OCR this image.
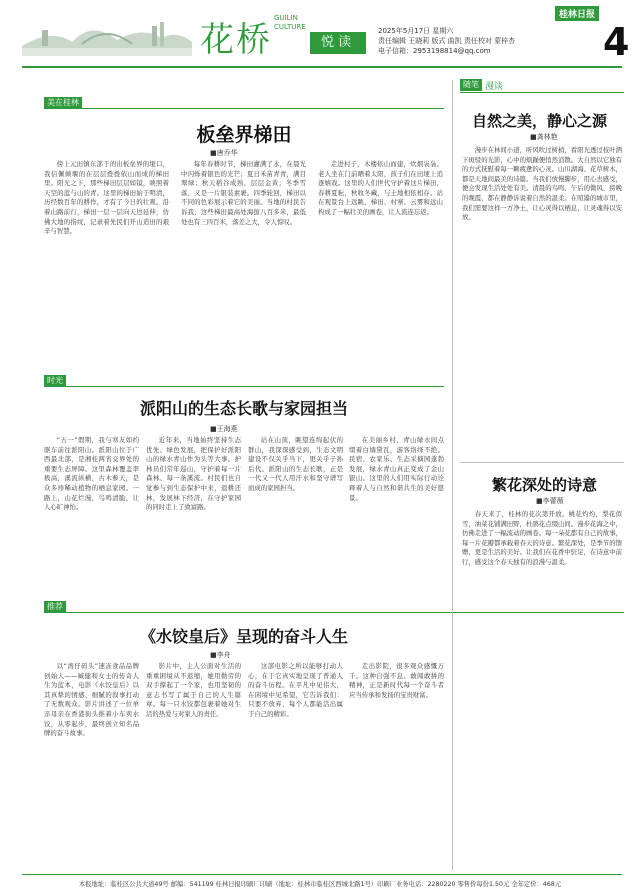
花桥
GUILIN CULTURE
悦读
2025年5月17日 星期六
责任编辑 王晓莉 版式 曲凯 责任校对 蒙梓杏
电子信箱：2953198814@qq.com
桂林日报
4
美在桂林
板垒界梯田
■唐乔华

傍上元田镇东部于的出板垒界的垭口，我信佩倾堰的在层层叠叠依山而成的梯田里。阳光之下，那些梯田层层如镜，映照着天空的蓝与山的青。这里的梯田始于明清，历经数百年的耕作，才有了今日的壮观。沿着山路前行，梯田一层一层向天边延伸，仿佛大地的指纹，记录着先民们开山造田的艰辛与智慧。

每年春耕时节，梯田灌满了水，在晨光中闪烁着银色的光芒；夏日禾苗青青，满目翠绿；秋天稻谷成熟，层层金黄；冬季雪落，又是一片银装素裹。四季轮回，梯田以不同的色彩展示着它的美丽。当地的村民告诉我，这些梯田最高处海拔八百多米，最低处也有三四百米，落差之大，令人惊叹。

走进村子，木楼依山而建，炊烟袅袅。老人坐在门前晒着太阳，孩子们在田埂上追逐嬉戏。这里的人们世代守护着这片梯田，春耕夏耘，秋收冬藏，与土地相依相存。站在观景台上远眺，梯田、村寨、云雾和远山构成了一幅壮美的画卷，让人流连忘返。

时光
派阳山的生态长歌与家园担当
■王海燕

“五一”假期，我与寒友如约驱车前往派阳山。派阳山位于广西最北部，是湘桂两省交界处的重要生态屏障。这里森林覆盖率极高，溪流纵横，古木参天，是众多珍稀动植物的栖息家园。一路上，山花烂漫，鸟鸣清脆，让人心旷神怡。

近年来，当地始终坚持生态优先、绿色发展，把保护好派阳山的绿水青山作为头等大事。护林员们常年巡山，守护着每一片森林、每一条溪流。村民们也自觉参与到生态保护中来，退耕还林，发展林下经济，在守护家园的同时走上了致富路。

站在山顶，眺望连绵起伏的群山，我深深感受到，生态文明建设不仅关乎当下，更关乎子孙后代。派阳山的生态长歌，正是一代又一代人用汗水和坚守谱写而成的家园担当。

在美丽乡村，青山绿水间点缀着白墙黛瓦，游客络绎不绝。民宿、农家乐、生态采摘园蓬勃发展，绿水青山真正变成了金山银山。这里的人们用实际行动诠释着人与自然和谐共生的美好愿景。

推荐
《水饺皇后》呈现的奋斗人生
■李舟

以“湾仔码头”速冻食品品牌创始人——臧健和女士的传奇人生为蓝本，电影《水饺皇后》以其真挚的情感、细腻的叙事打动了无数观众。影片讲述了一位单亲母亲在香港街头推着小车卖水饺，从零起步，最终创立知名品牌的奋斗故事。

影片中，主人公面对生活的重重困境从不退缩，她用勤劳的双手撑起了一个家，也用坚韧的意志书写了属于自己的人生篇章。每一只水饺都包裹着她对生活的热爱与对家人的责任。

这部电影之所以能够打动人心，在于它真实地呈现了普通人的奋斗历程。在平凡中见伟大，在困境中见希望，它告诉我们：只要不放弃，每个人都能活出属于自己的精彩。

走出影院，很多观众感慨万千。这种自强不息、敢闯敢拼的精神，正是新时代每一个奋斗者应当传承和发扬的宝贵财富。

随笔 漫谈
自然之美，静心之源
■龚林艳

漫步在林间小道，听风吹过树梢，看阳光透过枝叶洒下斑驳的光影，心中的烦躁便悄然消散。大自然以它独有的方式抚慰着每一颗疲惫的心灵。山川湖海、花草树木，都是天地间最美的诗篇。当我们放慢脚步，用心去感受，便会发现生活处处有美。清晨的鸟鸣、午后的微风、傍晚的晚霞，都在静静诉说着自然的温柔。在喧嚣的城市里，我们需要这样一方净土，让心灵得以栖息，让灵魂得以安放。

繁花深处的诗意
■李蕾薇

春天来了，桂林的花次第开放。桃花灼灼，梨花似雪，油菜花铺满田野，杜鹃花点缀山间。漫步花海之中，仿佛走进了一幅流动的画卷。每一朵花都有自己的故事，每一片花瓣都承载着春天的诗意。繁花深处，是季节的馈赠，更是生活的美好。让我们在花香中驻足，在诗意中前行，感受这个春天独有的浪漫与温柔。

本报地址：临桂区公共大道49号 邮编：541199 桂林日报印刷厂印刷（地址：桂林市临桂区西城北路1号）印刷厂业务电话：2280220 零售价每份1.50元 全年定价：468元
